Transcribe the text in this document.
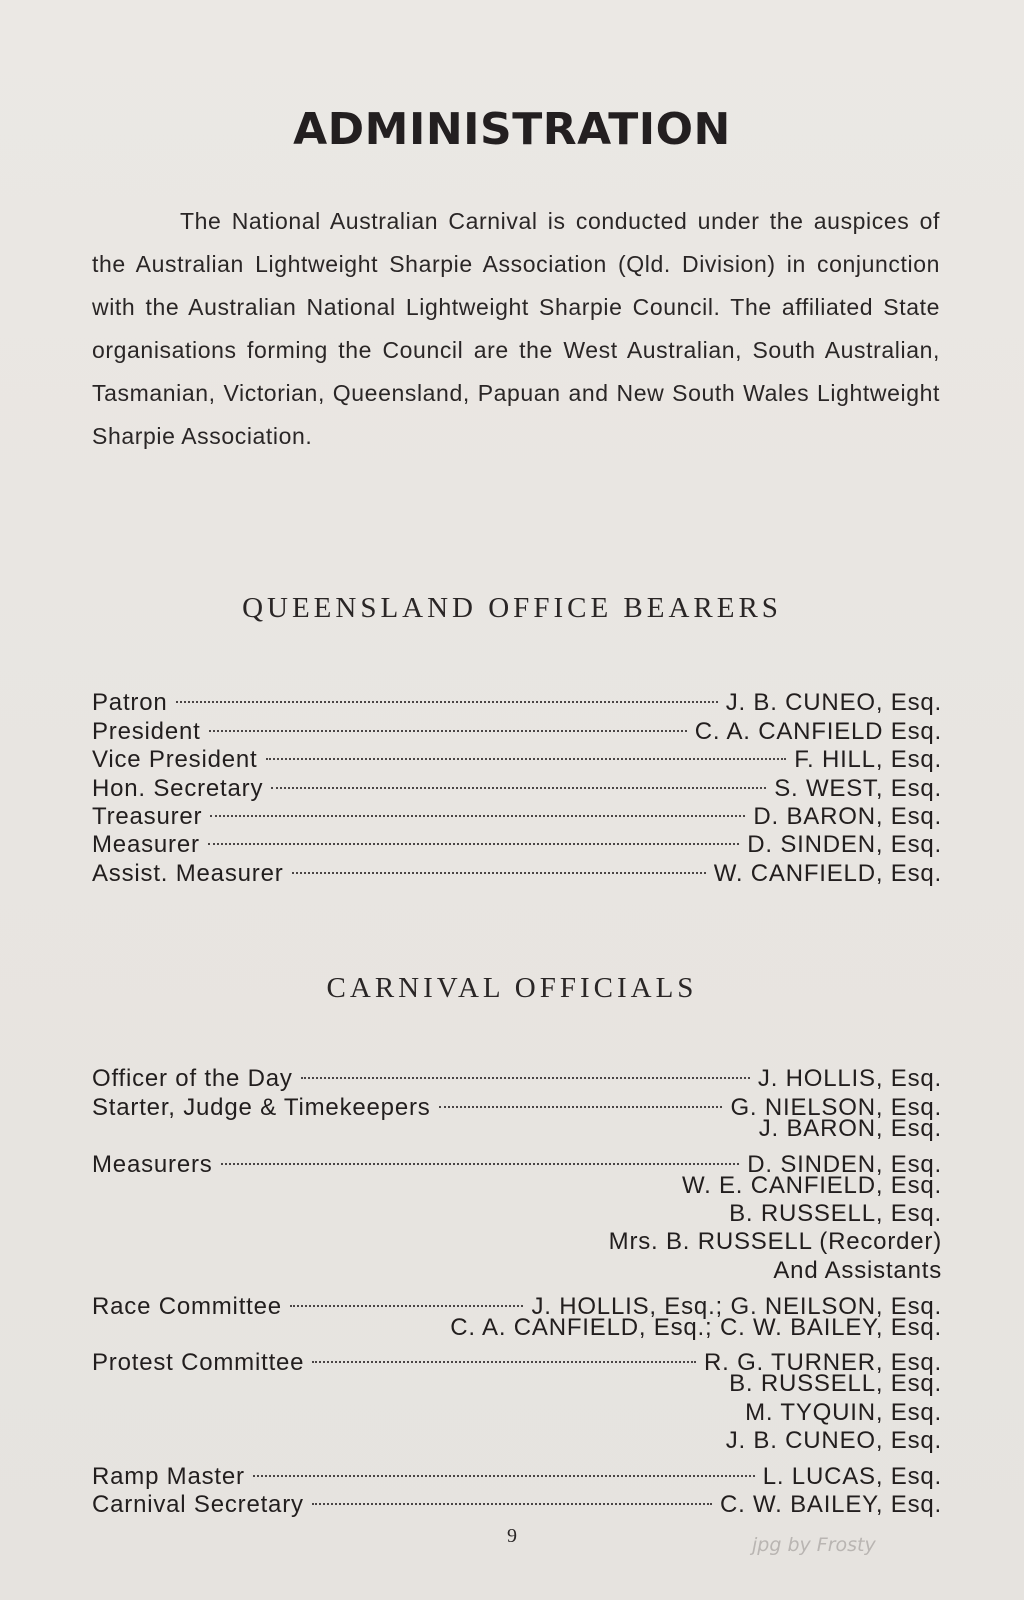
ADMINISTRATION

The National Australian Carnival is conducted under the auspices of the Australian Lightweight Sharpie Association (Qld. Division) in conjunction with the Australian National Lightweight Sharpie Council. The affiliated State organisations forming the Council are the West Australian, South Australian, Tasmanian, Victorian, Queensland, Papuan and New South Wales Lightweight Sharpie Association.

QUEENSLAND OFFICE BEARERS
Patron	J. B. CUNEO, Esq.
President	C. A. CANFIELD Esq.
Vice President	F. HILL, Esq.
Hon. Secretary	S. WEST, Esq.
Treasurer	D. BARON, Esq.
Measurer	D. SINDEN, Esq.
Assist. Measurer	W. CANFIELD, Esq.
CARNIVAL OFFICIALS
Officer of the Day	J. HOLLIS, Esq.
Starter, Judge & Timekeepers	G. NIELSON, Esq.
J. BARON, Esq.
Measurers	D. SINDEN, Esq.
W. E. CANFIELD, Esq.
B. RUSSELL, Esq.
Mrs. B. RUSSELL (Recorder)
And Assistants
Race Committee	J. HOLLIS, Esq.; G. NEILSON, Esq.
C. A. CANFIELD, Esq.; C. W. BAILEY, Esq.
Protest Committee	R. G. TURNER, Esq.
B. RUSSELL, Esq.
M. TYQUIN, Esq.
J. B. CUNEO, Esq.
Ramp Master	L. LUCAS, Esq.
Carnival Secretary	C. W. BAILEY, Esq.
9	jpg by Frosty
